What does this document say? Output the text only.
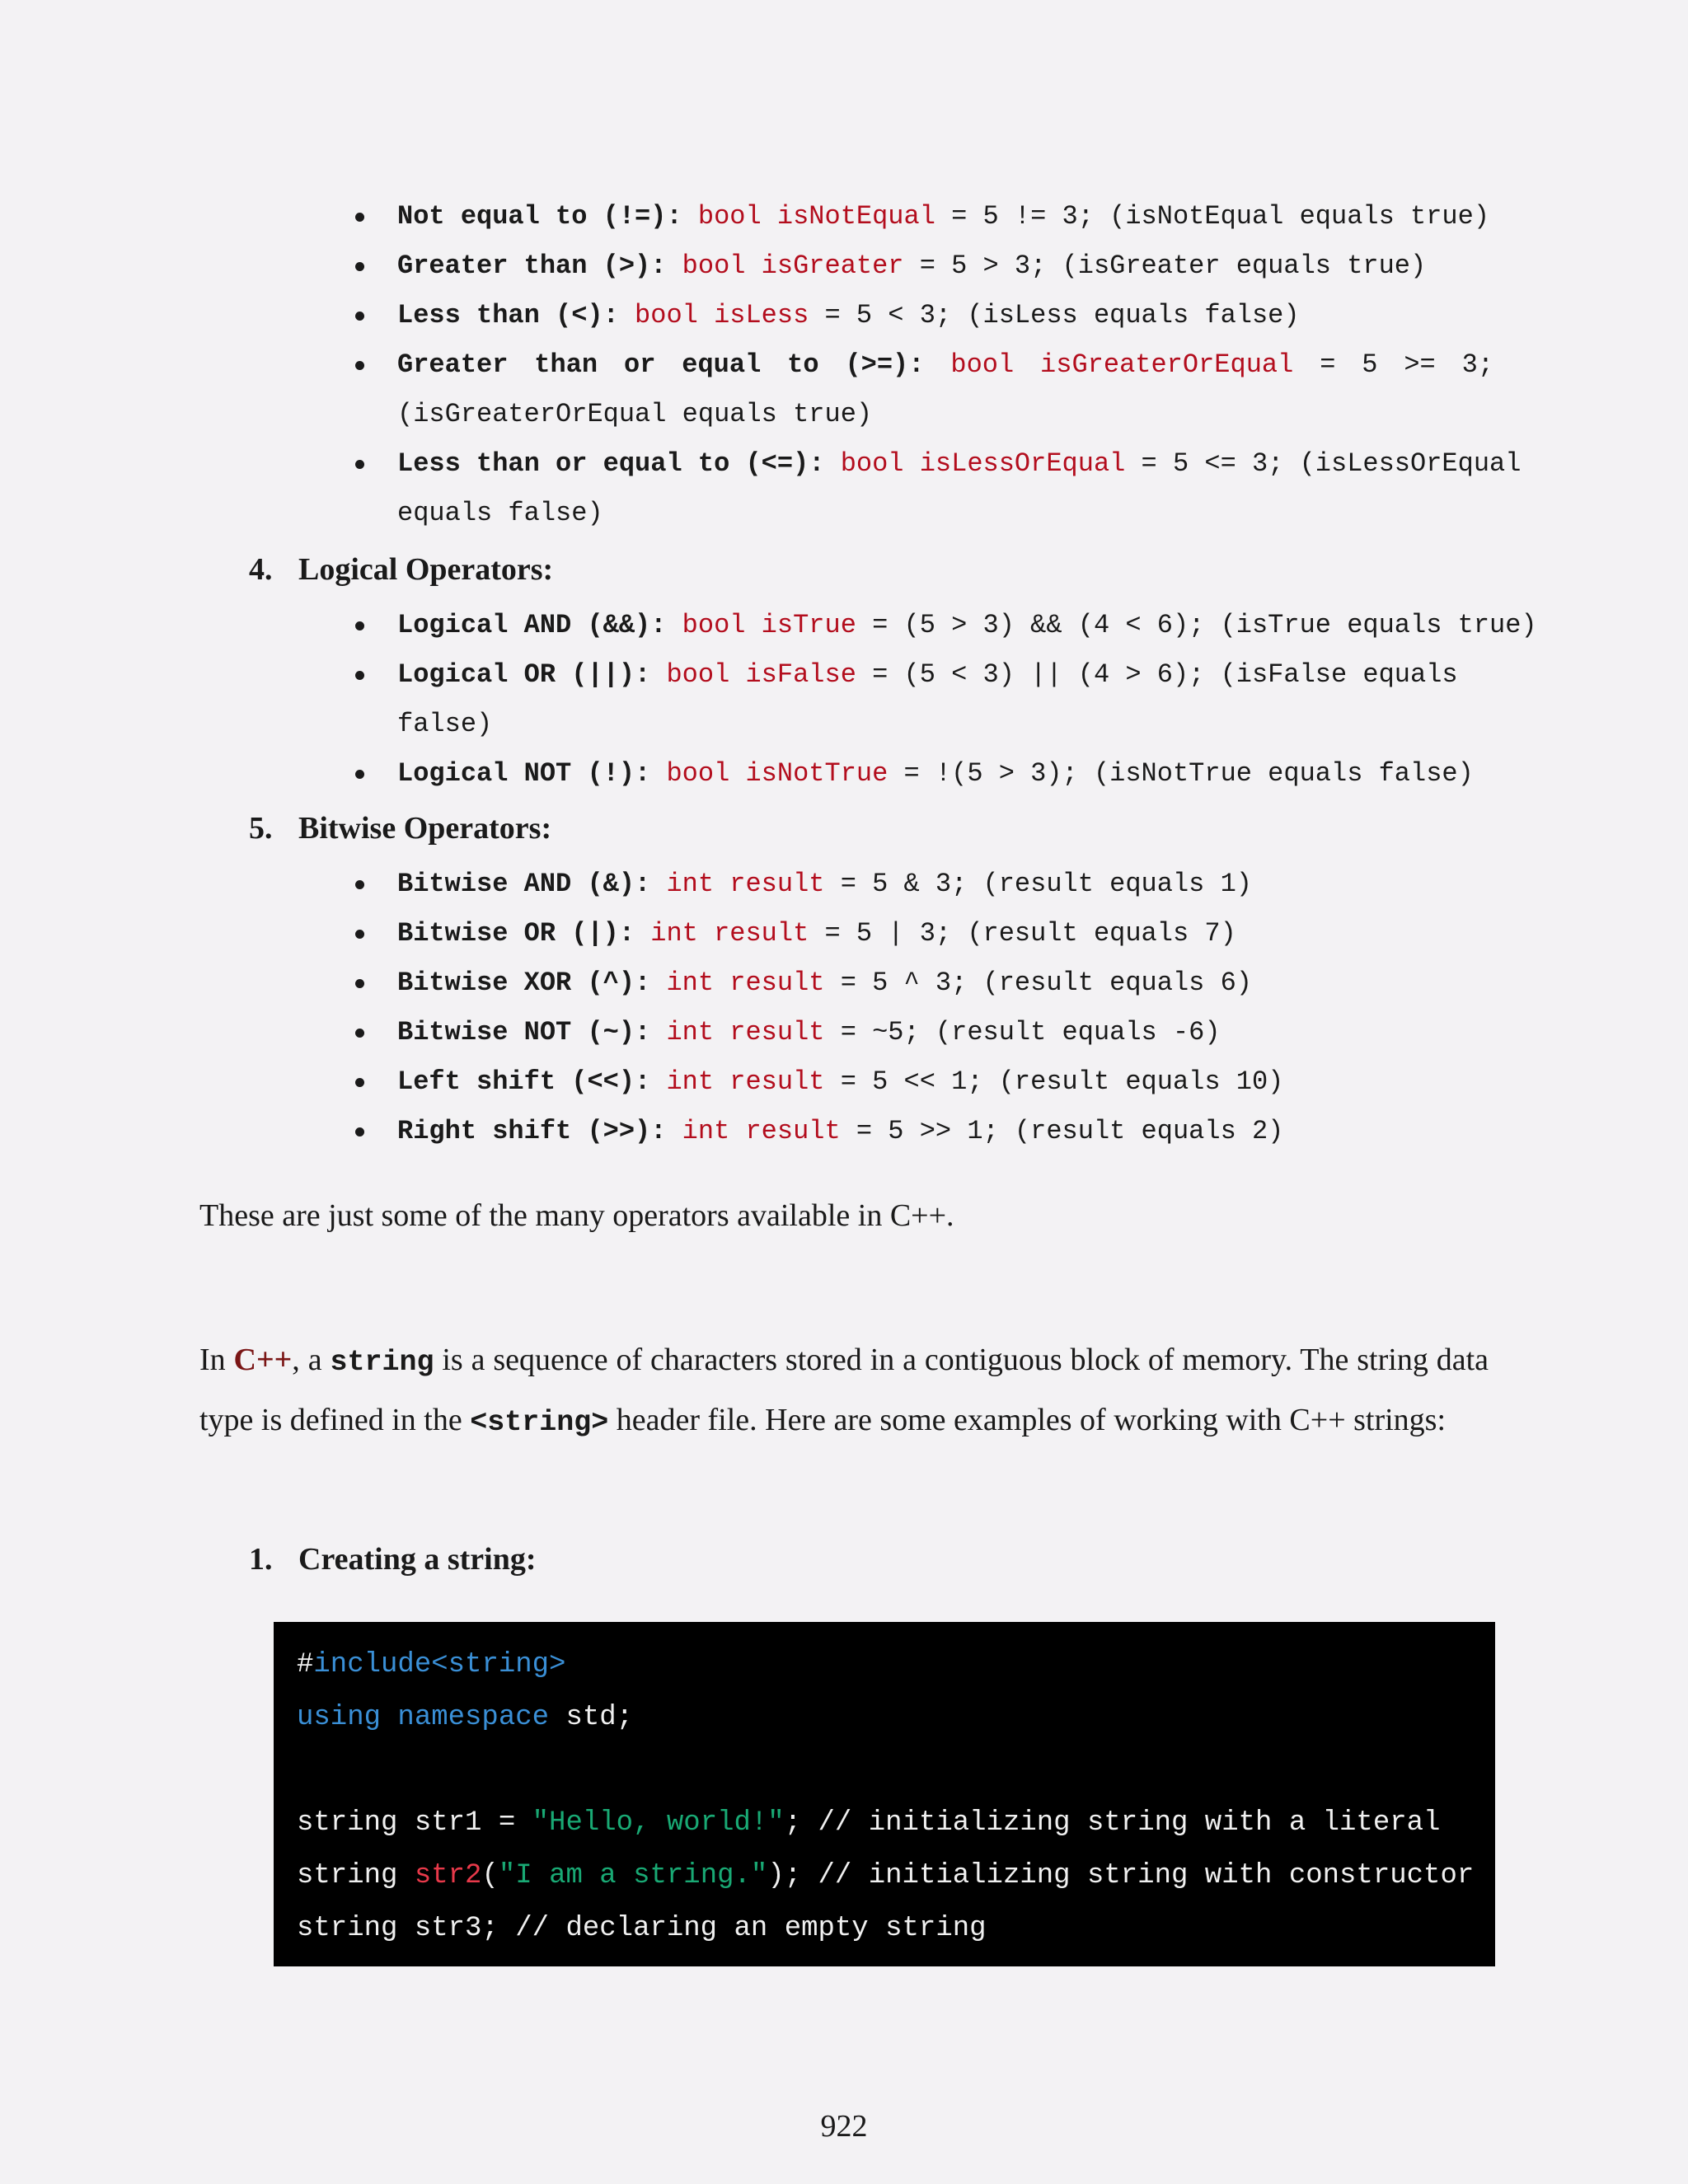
Not equal to (!=): bool isNotEqual = 5 != 3; (isNotEqual equals true)
Greater than (>): bool isGreater = 5 > 3; (isGreater equals true)
Less than (<): bool isLess = 5 < 3; (isLess equals false)
Greater than or equal to (>=): bool isGreaterOrEqual = 5 >= 3;
(isGreaterOrEqual equals true)
Less than or equal to (<=): bool isLessOrEqual = 5 <= 3; (isLessOrEqual
equals false)
4. Logical Operators:
Logical AND (&&): bool isTrue = (5 > 3) && (4 < 6); (isTrue equals true)
Logical OR (||): bool isFalse = (5 < 3) || (4 > 6); (isFalse equals
false)
Logical NOT (!): bool isNotTrue = !(5 > 3); (isNotTrue equals false)
5. Bitwise Operators:
Bitwise AND (&): int result = 5 & 3; (result equals 1)
Bitwise OR (|): int result = 5 | 3; (result equals 7)
Bitwise XOR (^): int result = 5 ^ 3; (result equals 6)
Bitwise NOT (~): int result = ~5; (result equals -6)
Left shift (<<): int result = 5 << 1; (result equals 10)
Right shift (>>): int result = 5 >> 1; (result equals 2)
These are just some of the many operators available in C++.
In C++, a string is a sequence of characters stored in a contiguous block of memory. The string data type is defined in the <string> header file. Here are some examples of working with C++ strings:
1. Creating a string:
#include<string>
using namespace std;
string str1 = "Hello, world!"; // initializing string with a literal
string str2("I am a string."); // initializing string with constructor
string str3; // declaring an empty string
922
